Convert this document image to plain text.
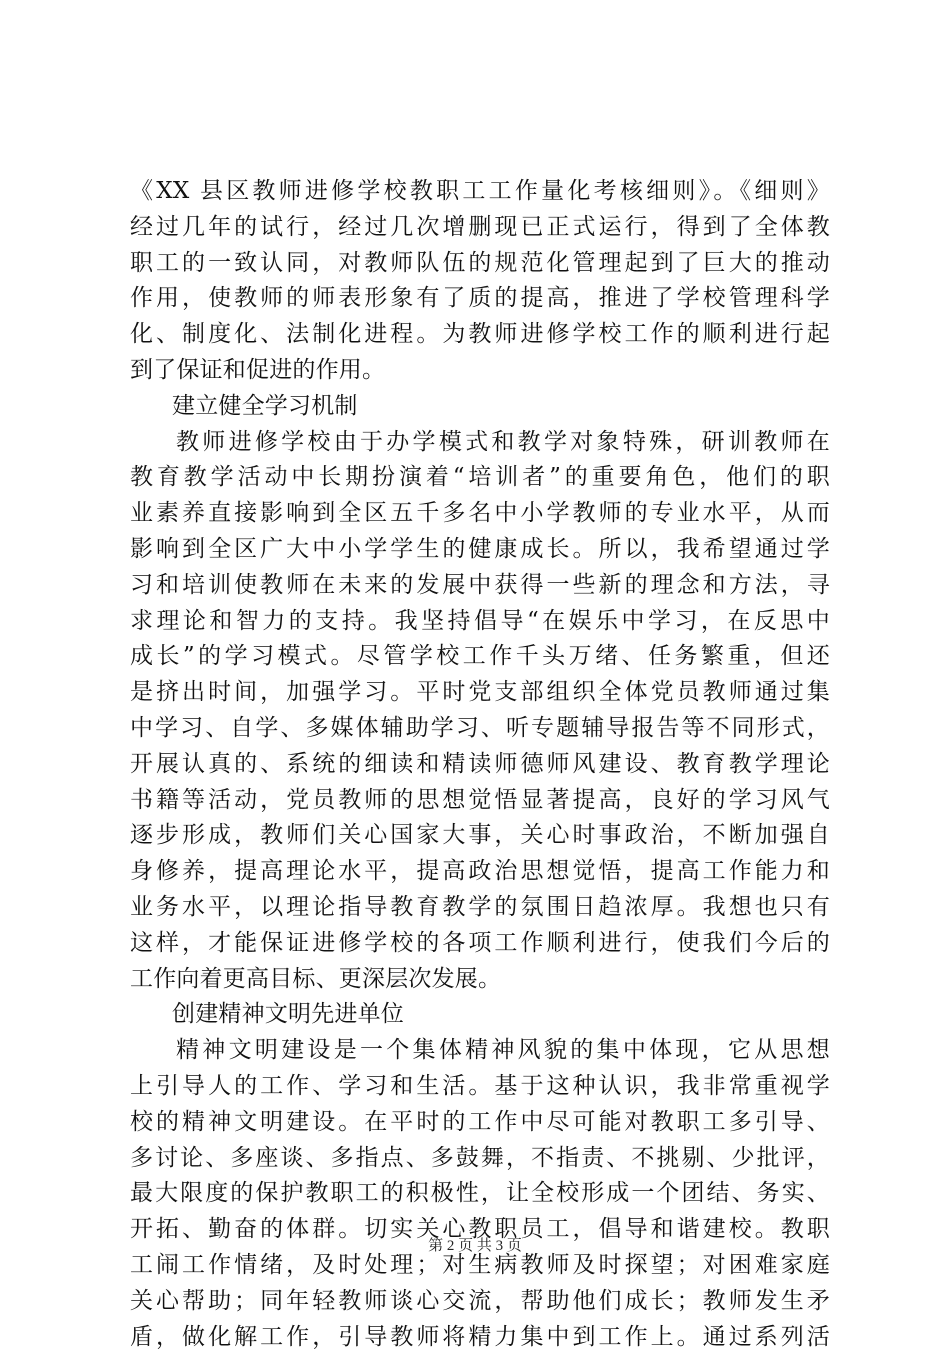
《XX 县区教师进修学校教职工工作量化考核细则》。《细则》
经过几年的试行，经过几次增删现已正式运行，得到了全体教
职工的一致认同，对教师队伍的规范化管理起到了巨大的推动
作用，使教师的师表形象有了质的提高，推进了学校管理科学
化、制度化、法制化进程。为教师进修学校工作的顺利进行起
到了保证和促进的作用。
建立健全学习机制
教师进修学校由于办学模式和教学对象特殊，研训教师在
教育教学活动中长期扮演着“培训者”的重要角色，他们的职
业素养直接影响到全区五千多名中小学教师的专业水平，从而
影响到全区广大中小学学生的健康成长。所以，我希望通过学
习和培训使教师在未来的发展中获得一些新的理念和方法，寻
求理论和智力的支持。我坚持倡导“在娱乐中学习，在反思中
成长”的学习模式。尽管学校工作千头万绪、任务繁重，但还
是挤出时间，加强学习。平时党支部组织全体党员教师通过集
中学习、自学、多媒体辅助学习、听专题辅导报告等不同形式，
开展认真的、系统的细读和精读师德师风建设、教育教学理论
书籍等活动，党员教师的思想觉悟显著提高，良好的学习风气
逐步形成，教师们关心国家大事，关心时事政治，不断加强自
身修养，提高理论水平，提高政治思想觉悟，提高工作能力和
业务水平，以理论指导教育教学的氛围日趋浓厚。我想也只有
这样，才能保证进修学校的各项工作顺利进行，使我们今后的
工作向着更高目标、更深层次发展。
创建精神文明先进单位
精神文明建设是一个集体精神风貌的集中体现，它从思想
上引导人的工作、学习和生活。基于这种认识，我非常重视学
校的精神文明建设。在平时的工作中尽可能对教职工多引导、
多讨论、多座谈、多指点、多鼓舞，不指责、不挑剔、少批评，
最大限度的保护教职工的积极性，让全校形成一个团结、务实、
开拓、勤奋的体群。切实关心教职员工，倡导和谐建校。教职
工闹工作情绪，及时处理；对生病教师及时探望；对困难家庭
关心帮助；同年轻教师谈心交流，帮助他们成长；教师发生矛
盾，做化解工作，引导教师将精力集中到工作上。通过系列活
第 2 页 共 3 页
